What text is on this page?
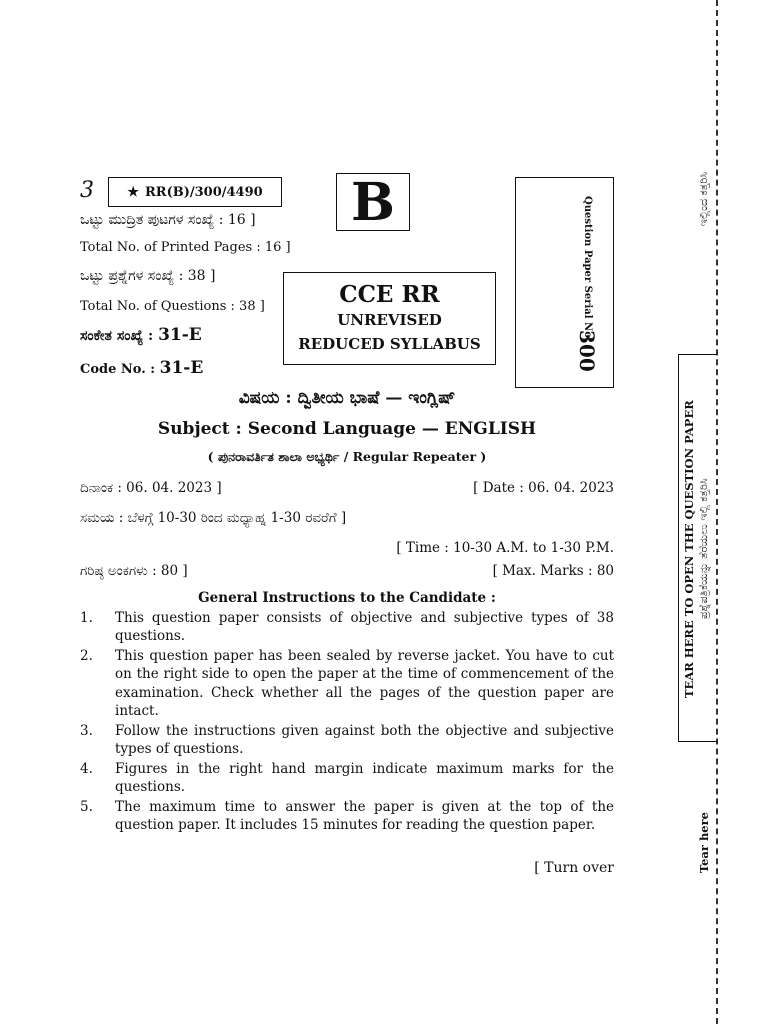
3	★ RR(B)/300/4490 B	Question Paper Serial No.
300
ಒಟ್ಟು ಮುದ್ರಿತ ಪುಟಗಳ ಸಂಖ್ಯೆ : 16 ]
Total No. of Printed Pages : 16 ]
ಒಟ್ಟು ಪ್ರಶ್ನೆಗಳ ಸಂಖ್ಯೆ : 38 ]
Total No. of Questions : 38 ]
ಸಂಕೇತ ಸಂಖ್ಯೆ : 31-E
Code No. : 31-E
CCE RR
UNREVISED
REDUCED SYLLABUS
ವಿಷಯ : ದ್ವಿತೀಯ ಭಾಷೆ — ಇಂಗ್ಲಿಷ್
Subject : Second Language — ENGLISH
( ಪುನರಾವರ್ತಿತ ಶಾಲಾ ಅಭ್ಯರ್ಥಿ / Regular Repeater )
ದಿನಾಂಕ : 06. 04. 2023 ]	[ Date : 06. 04. 2023
ಸಮಯ : ಬೆಳಗ್ಗೆ 10-30 ರಿಂದ ಮಧ್ಯಾಹ್ನ 1-30 ರವರೆಗೆ ]
[ Time : 10-30 A.M. to 1-30 P.M.
ಗರಿಷ್ಠ ಅಂಕಗಳು : 80 ]	[ Max. Marks : 80
General Instructions to the Candidate :
1.	This question paper consists of objective and subjective types of 38 questions.
2.	This question paper has been sealed by reverse jacket. You have to cut on the right side to open the paper at the time of commencement of the examination. Check whether all the pages of the question paper are intact.
3.	Follow the instructions given against both the objective and subjective types of questions.
4.	Figures in the right hand margin indicate maximum marks for the questions.
5.	The maximum time to answer the paper is given at the top of the question paper. It includes 15 minutes for reading the question paper.
[ Turn over
TEAR HERE TO OPEN THE QUESTION PAPER ಪ್ರಶ್ನೆಪತ್ರಿಕೆಯನ್ನು ತೆರೆಯಲು ಇಲ್ಲಿ ಕತ್ತರಿಸಿ
Tear here
ಇಲ್ಲಿಂದ ಕತ್ತರಿಸಿ
